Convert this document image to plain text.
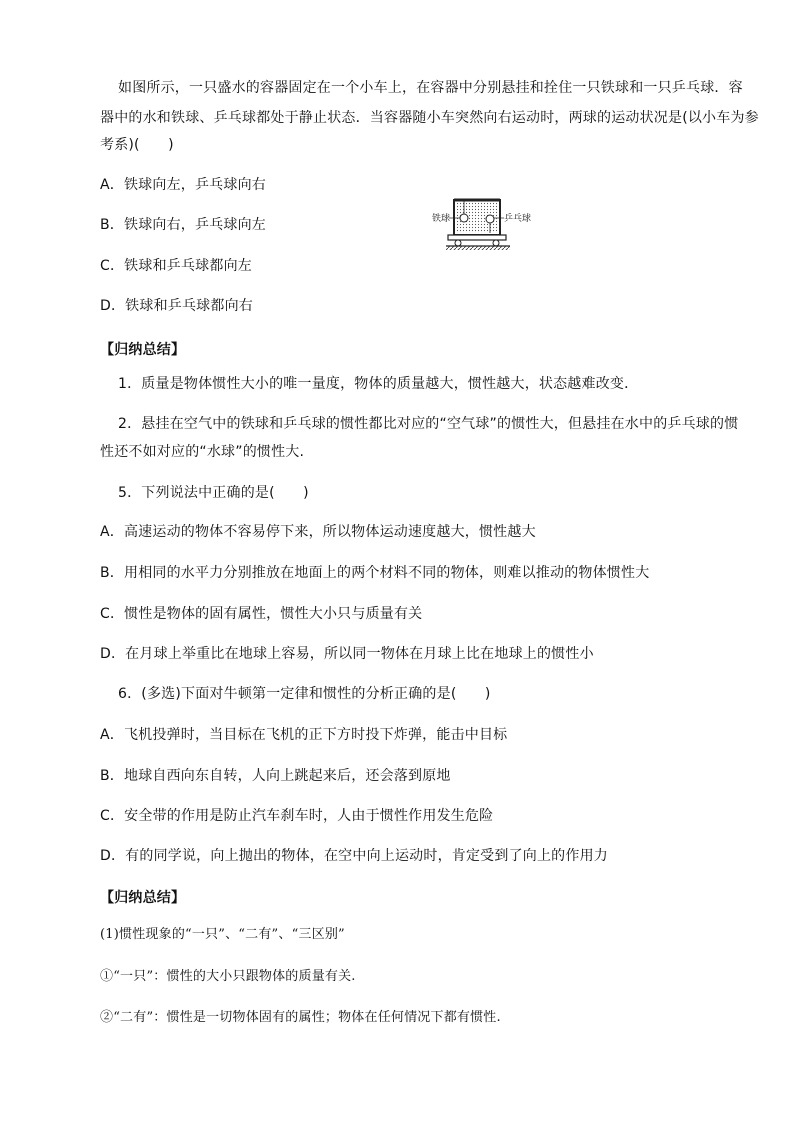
如图所示，一只盛水的容器固定在一个小车上，在容器中分别悬挂和拴住一只铁球和一只乒乓球．容
器中的水和铁球、乒乓球都处于静止状态．当容器随小车突然向右运动时，两球的运动状况是(以小车为参
考系)(　　)
A．铁球向左，乒乓球向右
B．铁球向右，乒乓球向左
C．铁球和乒乓球都向左
D．铁球和乒乓球都向右
铁球	乒乓球
【归纳总结】
1．质量是物体惯性大小的唯一量度，物体的质量越大，惯性越大，状态越难改变．
2．悬挂在空气中的铁球和乒乓球的惯性都比对应的“空气球”的惯性大，但悬挂在水中的乒乓球的惯
性还不如对应的“水球”的惯性大.
5．下列说法中正确的是(　　)
A．高速运动的物体不容易停下来，所以物体运动速度越大，惯性越大
B．用相同的水平力分别推放在地面上的两个材料不同的物体，则难以推动的物体惯性大
C．惯性是物体的固有属性，惯性大小只与质量有关
D．在月球上举重比在地球上容易，所以同一物体在月球上比在地球上的惯性小
6．(多选)下面对牛顿第一定律和惯性的分析正确的是(　　)
A．飞机投弹时，当目标在飞机的正下方时投下炸弹，能击中目标
B．地球自西向东自转，人向上跳起来后，还会落到原地
C．安全带的作用是防止汽车刹车时，人由于惯性作用发生危险
D．有的同学说，向上抛出的物体，在空中向上运动时，肯定受到了向上的作用力
【归纳总结】
(1)惯性现象的“一只”、“二有”、“三区别”
①“一只”：惯性的大小只跟物体的质量有关.
②“二有”：惯性是一切物体固有的属性；物体在任何情况下都有惯性.
